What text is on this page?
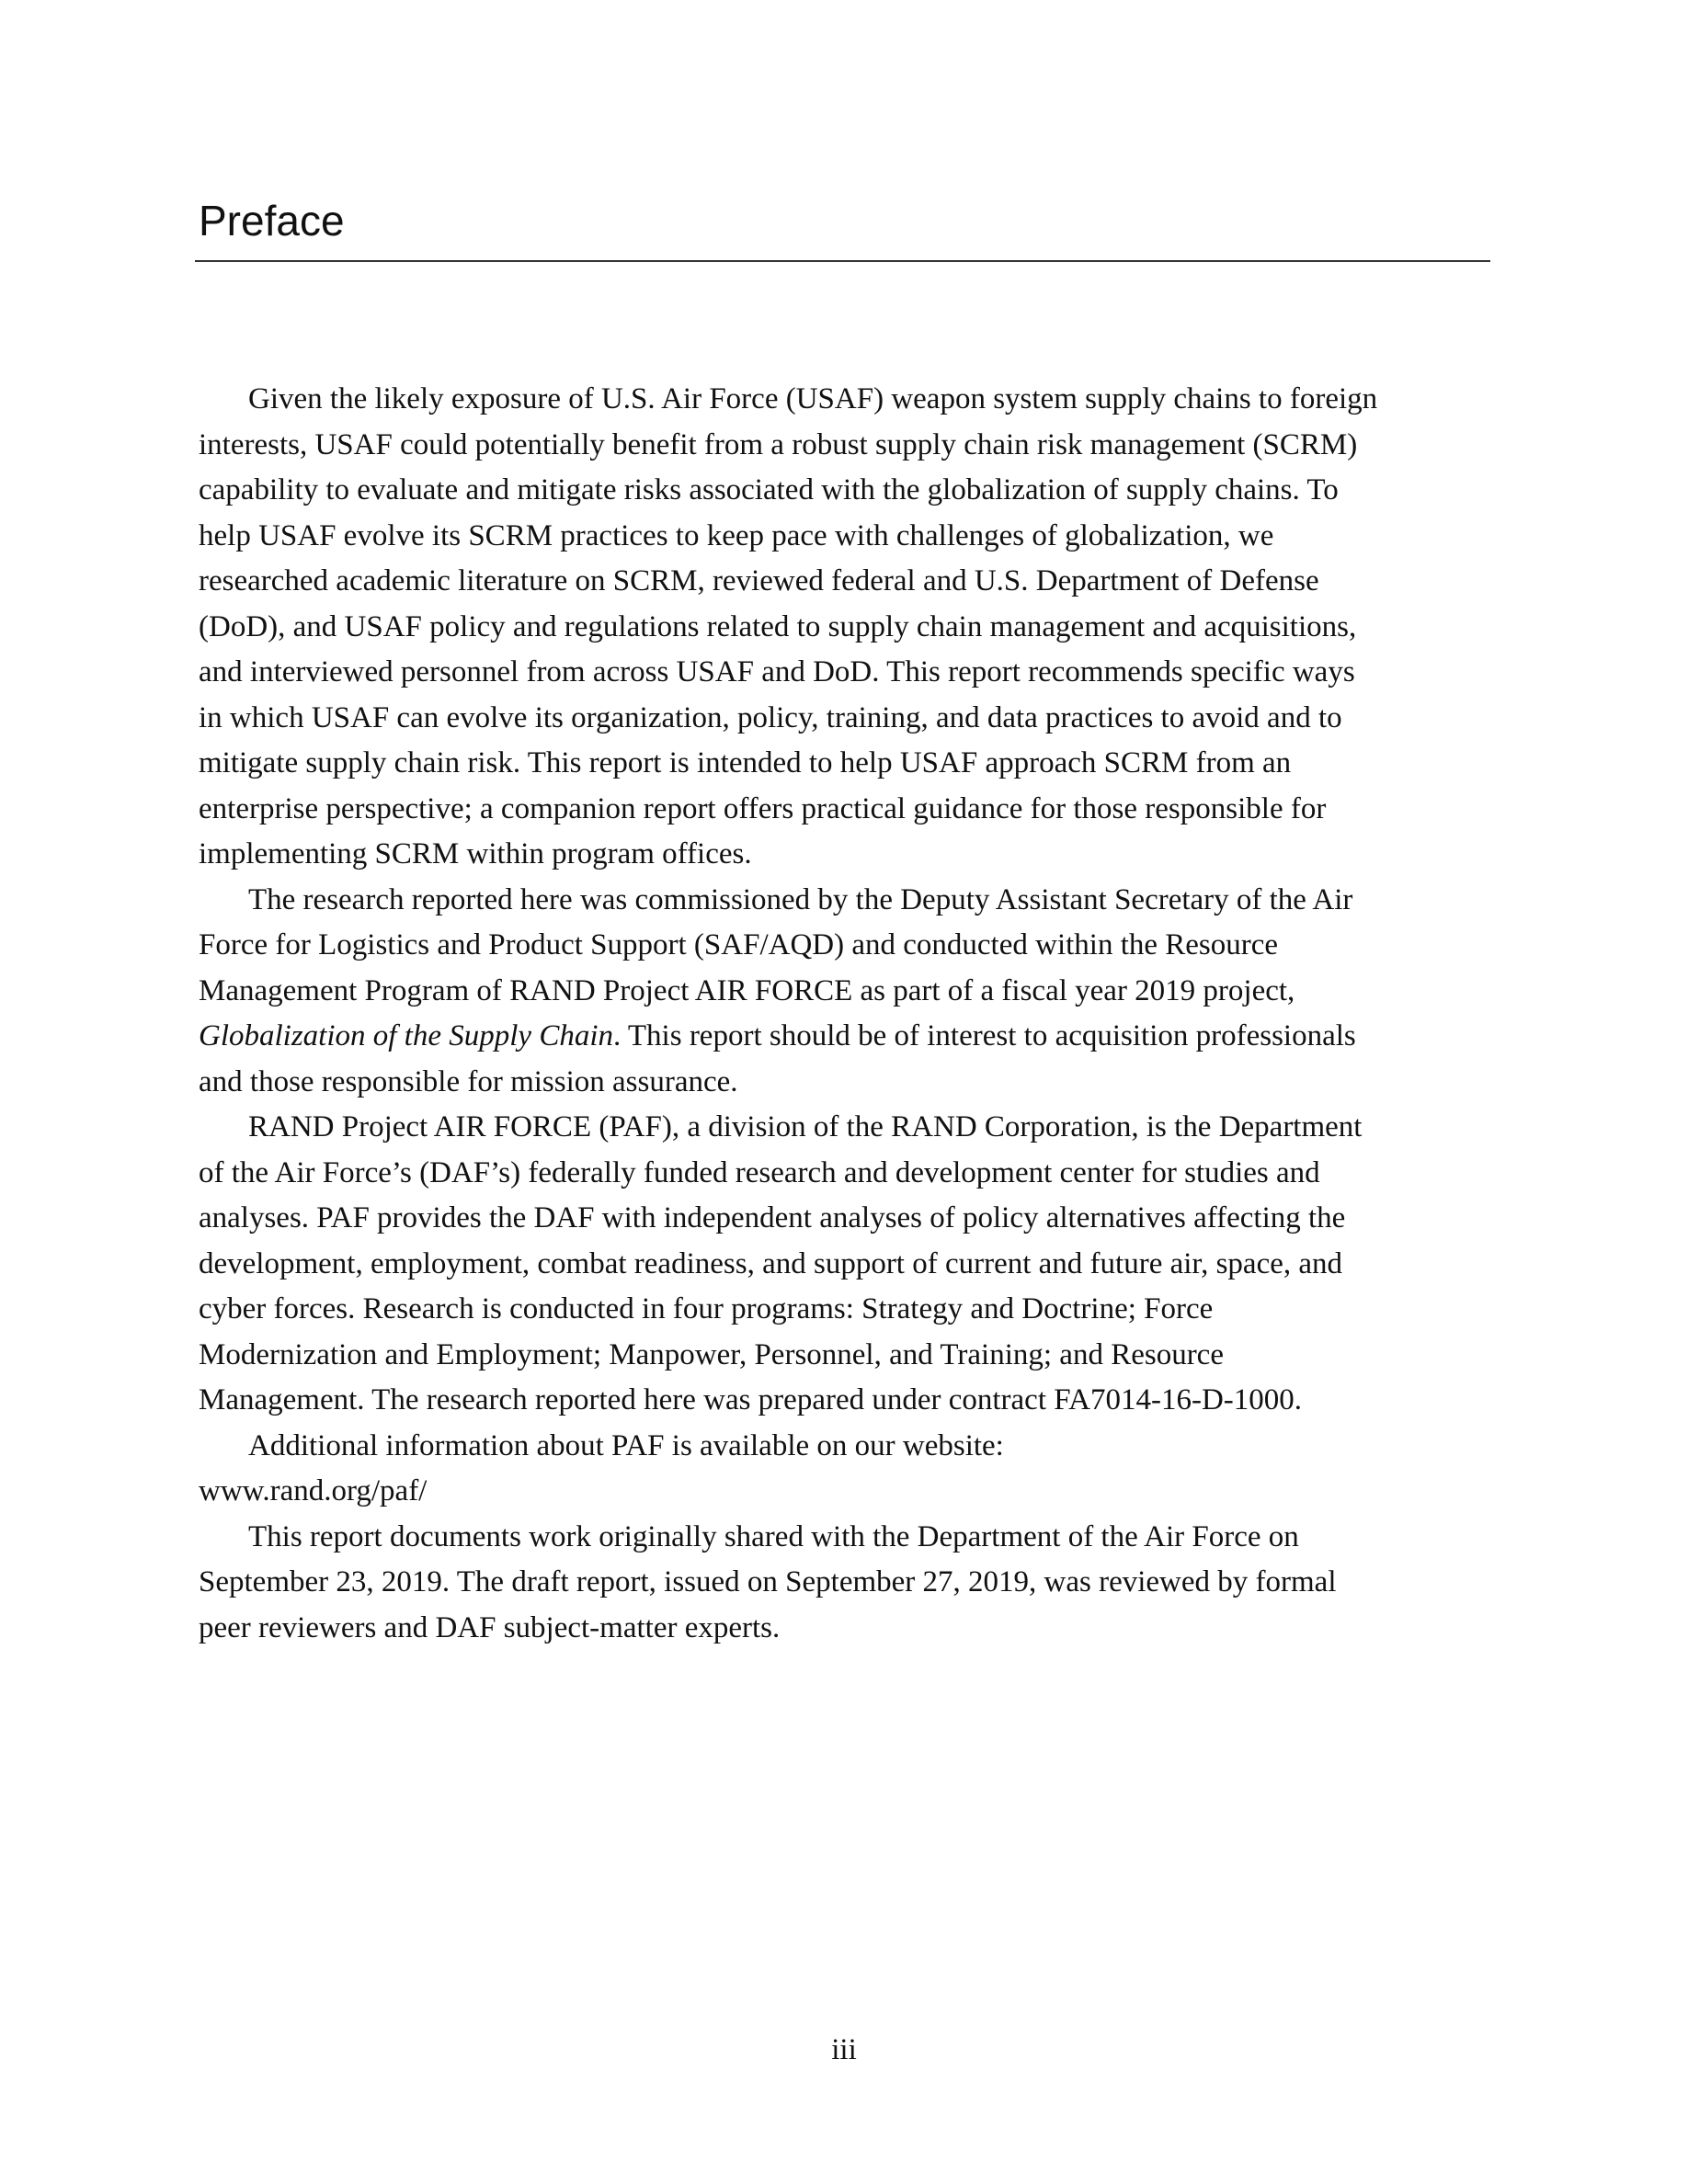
Preface

Given the likely exposure of U.S. Air Force (USAF) weapon system supply chains to foreign
interests, USAF could potentially benefit from a robust supply chain risk management (SCRM)
capability to evaluate and mitigate risks associated with the globalization of supply chains. To
help USAF evolve its SCRM practices to keep pace with challenges of globalization, we
researched academic literature on SCRM, reviewed federal and U.S. Department of Defense
(DoD), and USAF policy and regulations related to supply chain management and acquisitions,
and interviewed personnel from across USAF and DoD. This report recommends specific ways
in which USAF can evolve its organization, policy, training, and data practices to avoid and to
mitigate supply chain risk. This report is intended to help USAF approach SCRM from an
enterprise perspective; a companion report offers practical guidance for those responsible for
implementing SCRM within program offices.

The research reported here was commissioned by the Deputy Assistant Secretary of the Air
Force for Logistics and Product Support (SAF/AQD) and conducted within the Resource
Management Program of RAND Project AIR FORCE as part of a fiscal year 2019 project,
Globalization of the Supply Chain. This report should be of interest to acquisition professionals
and those responsible for mission assurance.

RAND Project AIR FORCE (PAF), a division of the RAND Corporation, is the Department
of the Air Force’s (DAF’s) federally funded research and development center for studies and
analyses. PAF provides the DAF with independent analyses of policy alternatives affecting the
development, employment, combat readiness, and support of current and future air, space, and
cyber forces. Research is conducted in four programs: Strategy and Doctrine; Force
Modernization and Employment; Manpower, Personnel, and Training; and Resource
Management. The research reported here was prepared under contract FA7014-16-D-1000.

Additional information about PAF is available on our website:
www.rand.org/paf/

This report documents work originally shared with the Department of the Air Force on
September 23, 2019. The draft report, issued on September 27, 2019, was reviewed by formal
peer reviewers and DAF subject-matter experts.

iii
